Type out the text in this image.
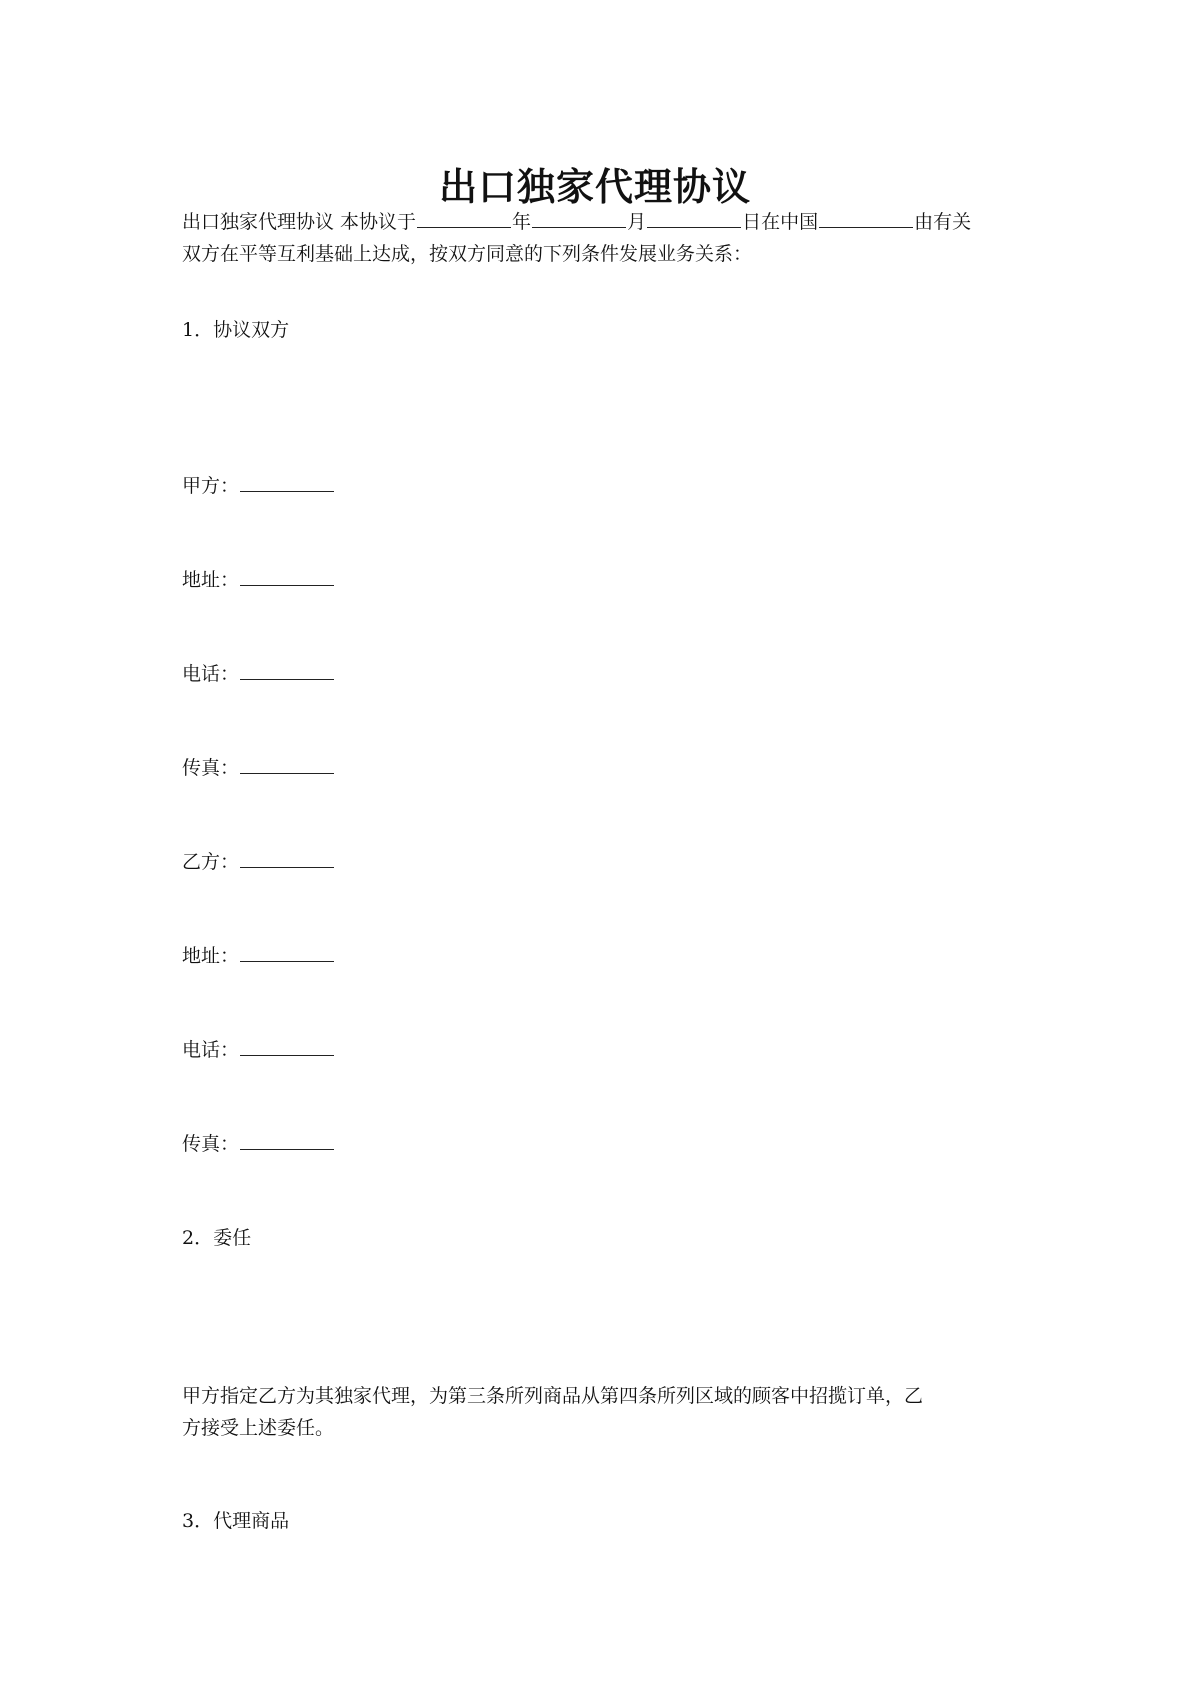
出口独家代理协议
出口独家代理协议 本协议于	年	月	日在中国	由有关
双方在平等互利基础上达成，按双方同意的下列条件发展业务关系：
1．协议双方
甲方：
地址：
电话：
传真：
乙方：
地址：
电话：
传真：
2．委任
甲方指定乙方为其独家代理，为第三条所列商品从第四条所列区域的顾客中招揽订单，乙
方接受上述委任。
3．代理商品
